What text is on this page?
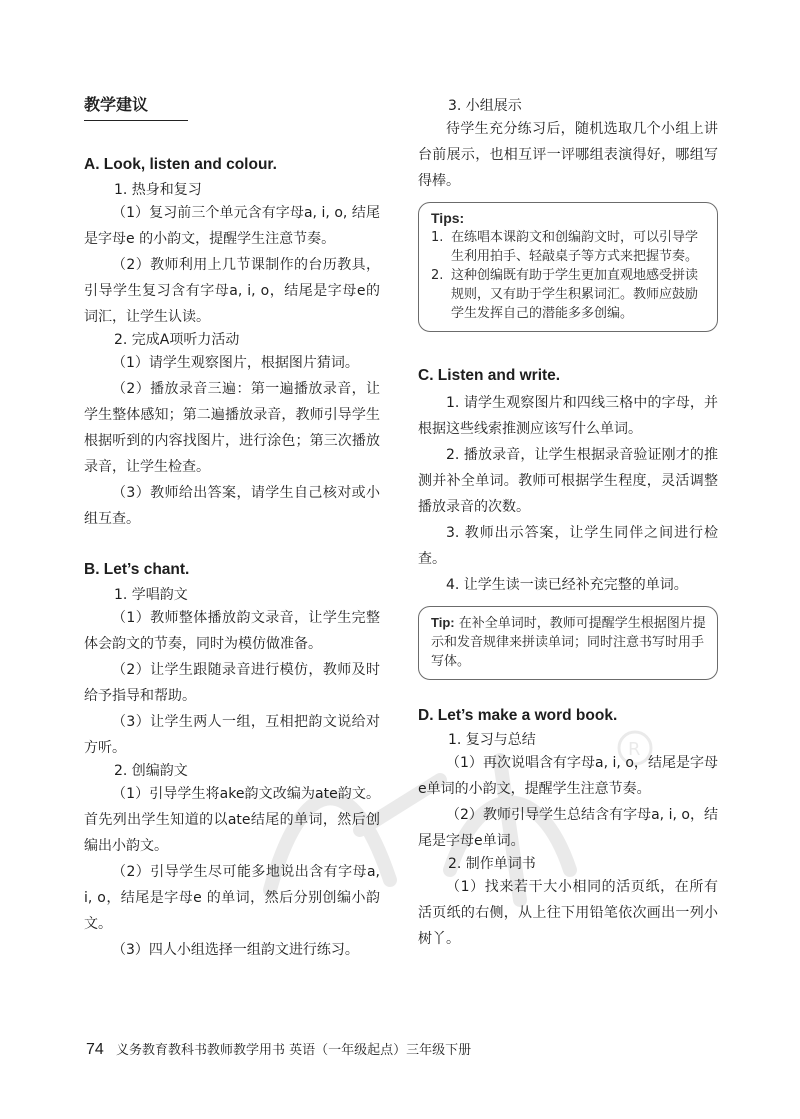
R
教学建议

A. Look, listen and colour.

1. 热身和复习

（1）复习前三个单元含有字母a, i, o, 结尾是字母e 的小韵文，提醒学生注意节奏。

（2）教师利用上几节课制作的台历教具，引导学生复习含有字母a, i, o，结尾是字母e的词汇，让学生认读。

2. 完成A项听力活动

（1）请学生观察图片，根据图片猜词。

（2）播放录音三遍：第一遍播放录音，让学生整体感知；第二遍播放录音，教师引导学生根据听到的内容找图片，进行涂色；第三次播放录音，让学生检查。

（3）教师给出答案，请学生自己核对或小组互查。

B. Let’s chant.

1. 学唱韵文

（1）教师整体播放韵文录音，让学生完整体会韵文的节奏，同时为模仿做准备。

（2）让学生跟随录音进行模仿，教师及时给予指导和帮助。

（3）让学生两人一组，互相把韵文说给对方听。

2. 创编韵文

（1）引导学生将ake韵文改编为ate韵文。首先列出学生知道的以ate结尾的单词，然后创编出小韵文。

（2）引导学生尽可能多地说出含有字母a, i, o，结尾是字母e 的单词，然后分别创编小韵文。

（3）四人小组选择一组韵文进行练习。

3. 小组展示

待学生充分练习后，随机选取几个小组上讲台前展示，也相互评一评哪组表演得好，哪组写得棒。

Tips:
1. 在练唱本课韵文和创编韵文时，可以引导学生利用拍手、轻敲桌子等方式来把握节奏。
2. 这种创编既有助于学生更加直观地感受拼读规则，又有助于学生积累词汇。教师应鼓励学生发挥自己的潜能多多创编。

C. Listen and write.

1. 请学生观察图片和四线三格中的字母，并根据这些线索推测应该写什么单词。

2. 播放录音，让学生根据录音验证刚才的推测并补全单词。教师可根据学生程度，灵活调整播放录音的次数。

3. 教师出示答案，让学生同伴之间进行检查。

4. 让学生读一读已经补充完整的单词。

Tip: 在补全单词时，教师可提醒学生根据图片提示和发音规律来拼读单词；同时注意书写时用手写体。

D. Let’s make a word book.

1. 复习与总结

（1）再次说唱含有字母a, i, o，结尾是字母e单词的小韵文，提醒学生注意节奏。

（2）教师引导学生总结含有字母a, i, o，结尾是字母e单词。

2. 制作单词书

（1）找来若干大小相同的活页纸，在所有活页纸的右侧，从上往下用铅笔依次画出一列小树丫。

74 义务教育教科书教师教学用书 英语（一年级起点）三年级下册
